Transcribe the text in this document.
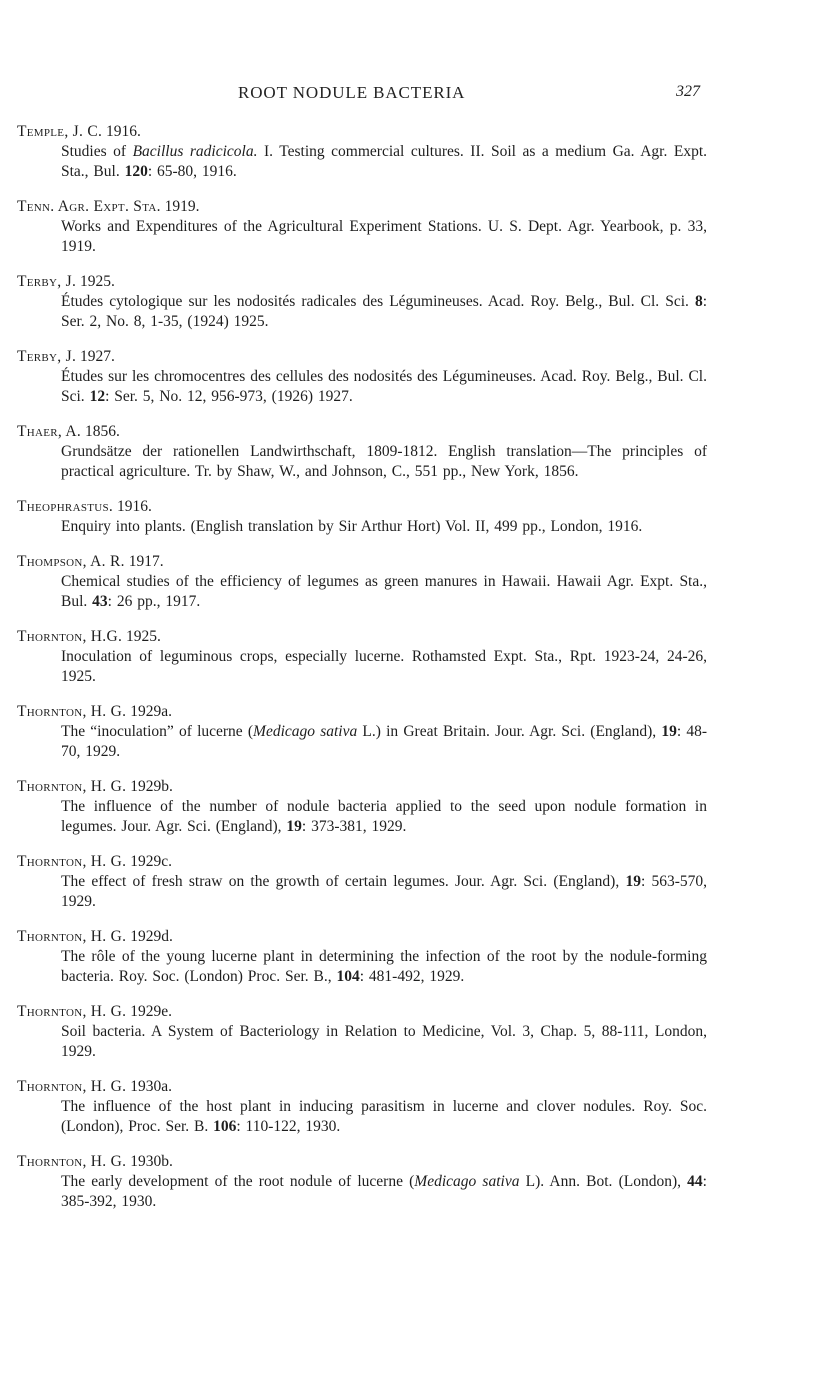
ROOT NODULE BACTERIA	327
Temple, J. C. 1916.
Studies of Bacillus radicicola. I. Testing commercial cultures. II. Soil as a medium Ga. Agr. Expt. Sta., Bul. 120: 65-80, 1916.
Tenn. Agr. Expt. Sta. 1919.
Works and Expenditures of the Agricultural Experiment Stations. U. S. Dept. Agr. Yearbook, p. 33, 1919.
Terby, J. 1925.
Études cytologique sur les nodosités radicales des Légumineuses. Acad. Roy. Belg., Bul. Cl. Sci. 8: Ser. 2, No. 8, 1-35, (1924) 1925.
Terby, J. 1927.
Études sur les chromocentres des cellules des nodosités des Légumineuses. Acad. Roy. Belg., Bul. Cl. Sci. 12: Ser. 5, No. 12, 956-973, (1926) 1927.
Thaer, A. 1856.
Grundsätze der rationellen Landwirthschaft, 1809-1812. English translation—The principles of practical agriculture. Tr. by Shaw, W., and Johnson, C., 551 pp., New York, 1856.
Theophrastus. 1916.
Enquiry into plants. (English translation by Sir Arthur Hort) Vol. II, 499 pp., London, 1916.
Thompson, A. R. 1917.
Chemical studies of the efficiency of legumes as green manures in Hawaii. Hawaii Agr. Expt. Sta., Bul. 43: 26 pp., 1917.
Thornton, H.G. 1925.
Inoculation of leguminous crops, especially lucerne. Rothamsted Expt. Sta., Rpt. 1923-24, 24-26, 1925.
Thornton, H. G. 1929a.
The “inoculation” of lucerne (Medicago sativa L.) in Great Britain. Jour. Agr. Sci. (England), 19: 48-70, 1929.
Thornton, H. G. 1929b.
The influence of the number of nodule bacteria applied to the seed upon nodule formation in legumes. Jour. Agr. Sci. (England), 19: 373-381, 1929.
Thornton, H. G. 1929c.
The effect of fresh straw on the growth of certain legumes. Jour. Agr. Sci. (England), 19: 563-570, 1929.
Thornton, H. G. 1929d.
The rôle of the young lucerne plant in determining the infection of the root by the nodule-forming bacteria. Roy. Soc. (London) Proc. Ser. B., 104: 481-492, 1929.
Thornton, H. G. 1929e.
Soil bacteria. A System of Bacteriology in Relation to Medicine, Vol. 3, Chap. 5, 88-111, London, 1929.
Thornton, H. G. 1930a.
The influence of the host plant in inducing parasitism in lucerne and clover nodules. Roy. Soc. (London), Proc. Ser. B. 106: 110-122, 1930.
Thornton, H. G. 1930b.
The early development of the root nodule of lucerne (Medicago sativa L). Ann. Bot. (London), 44: 385-392, 1930.
